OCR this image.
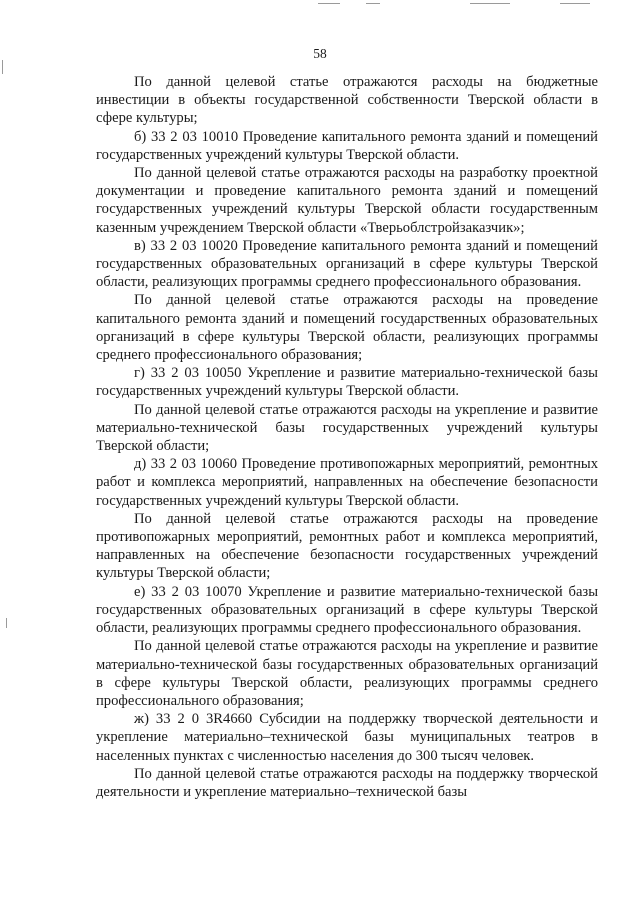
58

По данной целевой статье отражаются расходы на бюджетные инвестиции в объекты государственной собственности Тверской области в сфере культуры;

б) 33 2 03 10010 Проведение капитального ремонта зданий и помещений государственных учреждений культуры Тверской области.

По данной целевой статье отражаются расходы на разработку проектной документации и проведение капитального ремонта зданий и помещений государственных учреждений культуры Тверской области государственным казенным учреждением Тверской области «Тверьоблстройзаказчик»;

в) 33 2 03 10020 Проведение капитального ремонта зданий и помещений государственных образовательных организаций в сфере культуры Тверской области, реализующих программы среднего профессионального образования.

По данной целевой статье отражаются расходы на проведение капитального ремонта зданий и помещений государственных образовательных организаций в сфере культуры Тверской области, реализующих программы среднего профессионального образования;

г) 33 2 03 10050 Укрепление и развитие материально-технической базы государственных учреждений культуры Тверской области.

По данной целевой статье отражаются расходы на укрепление и развитие материально-технической базы государственных учреждений культуры Тверской области;

д) 33 2 03 10060 Проведение противопожарных мероприятий, ремонтных работ и комплекса мероприятий, направленных на обеспечение безопасности государственных учреждений культуры Тверской области.

По данной целевой статье отражаются расходы на проведение противопожарных мероприятий, ремонтных работ и комплекса мероприятий, направленных на обеспечение безопасности государственных учреждений культуры Тверской области;

е) 33 2 03 10070 Укрепление и развитие материально-технической базы государственных образовательных организаций в сфере культуры Тверской области, реализующих программы среднего профессионального образования.

По данной целевой статье отражаются расходы на укрепление и развитие материально-технической базы государственных образовательных организаций в сфере культуры Тверской области, реализующих программы среднего профессионального образования;

ж) 33 2 0 3R4660 Субсидии на поддержку творческой деятельности и укрепление материально–технической базы муниципальных театров в населенных пунктах с численностью населения до 300 тысяч человек.

По данной целевой статье отражаются расходы на поддержку творческой деятельности и укрепление материально–технической базы
